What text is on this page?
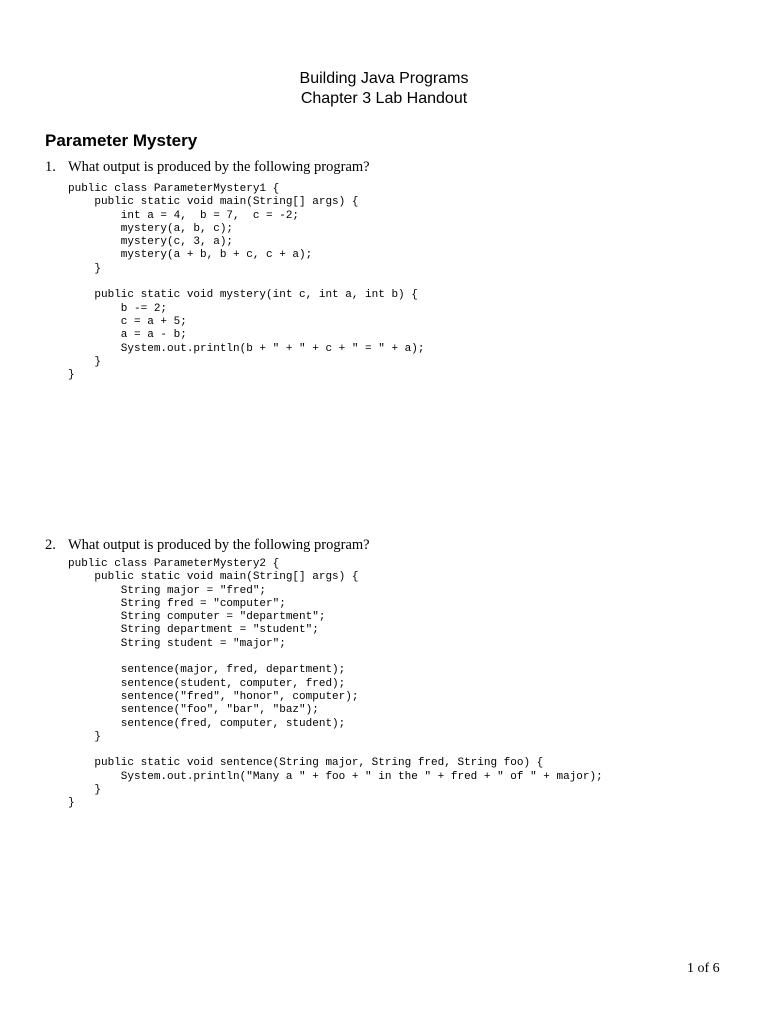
Building Java Programs
Chapter 3 Lab Handout
Parameter Mystery
1. What output is produced by the following program?
public class ParameterMystery1 {
public static void main(String[] args) {
int a = 4,  b = 7,  c = -2;
mystery(a, b, c);
mystery(c, 3, a);
mystery(a + b, b + c, c + a);
}
public static void mystery(int c, int a, int b) {
b -= 2;
c = a + 5;
a = a - b;
System.out.println(b + " + " + c + " = " + a);
}
}
2. What output is produced by the following program?
public class ParameterMystery2 {
public static void main(String[] args) {
String major = "fred";
String fred = "computer";
String computer = "department";
String department = "student";
String student = "major";
sentence(major, fred, department);
sentence(student, computer, fred);
sentence("fred", "honor", computer);
sentence("foo", "bar", "baz");
sentence(fred, computer, student);
}
public static void sentence(String major, String fred, String foo) {
System.out.println("Many a " + foo + " in the " + fred + " of " + major);
}
}
1 of 6
